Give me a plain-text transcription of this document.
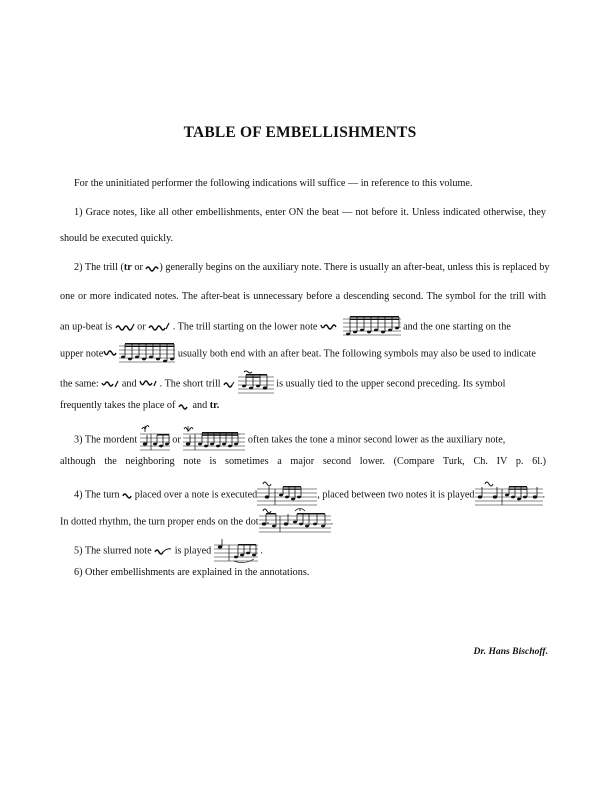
TABLE OF EMBELLISHMENTS
For the uninitiated performer the following indications will suffice — in reference to this volume.
1) Grace notes, like all other embellishments, enter ON the beat — not before it. Unless indicated otherwise, they
should be executed quickly.
2) The trill (tr or ) generally begins on the auxiliary note. There is usually an after-beat, unless this is replaced by
one or more indicated notes. The after-beat is unnecessary before a descending second. The symbol for the trill with
an up-beat is or	. The trill starting on the lower note	and the one starting on the
upper note	usually both end with an after beat. The following symbols may also be used to indicate
the same: and . The short trill	is usually tied to the upper second preceding. Its symbol
frequently takes the place of and tr.
3) The mordent	or	often takes the tone a minor second lower as the auxiliary note,
although the neighboring note is sometimes a major second lower. (Compare Turk, Ch. IV p. 6l.)
4) The turn placed over a note is executed	, placed between two notes it is played	.
In dotted rhythm, the turn proper ends on the dot	.
5) The slurred note is played	.
6) Other embellishments are explained in the annotations.
Dr. Hans Bischoff.
